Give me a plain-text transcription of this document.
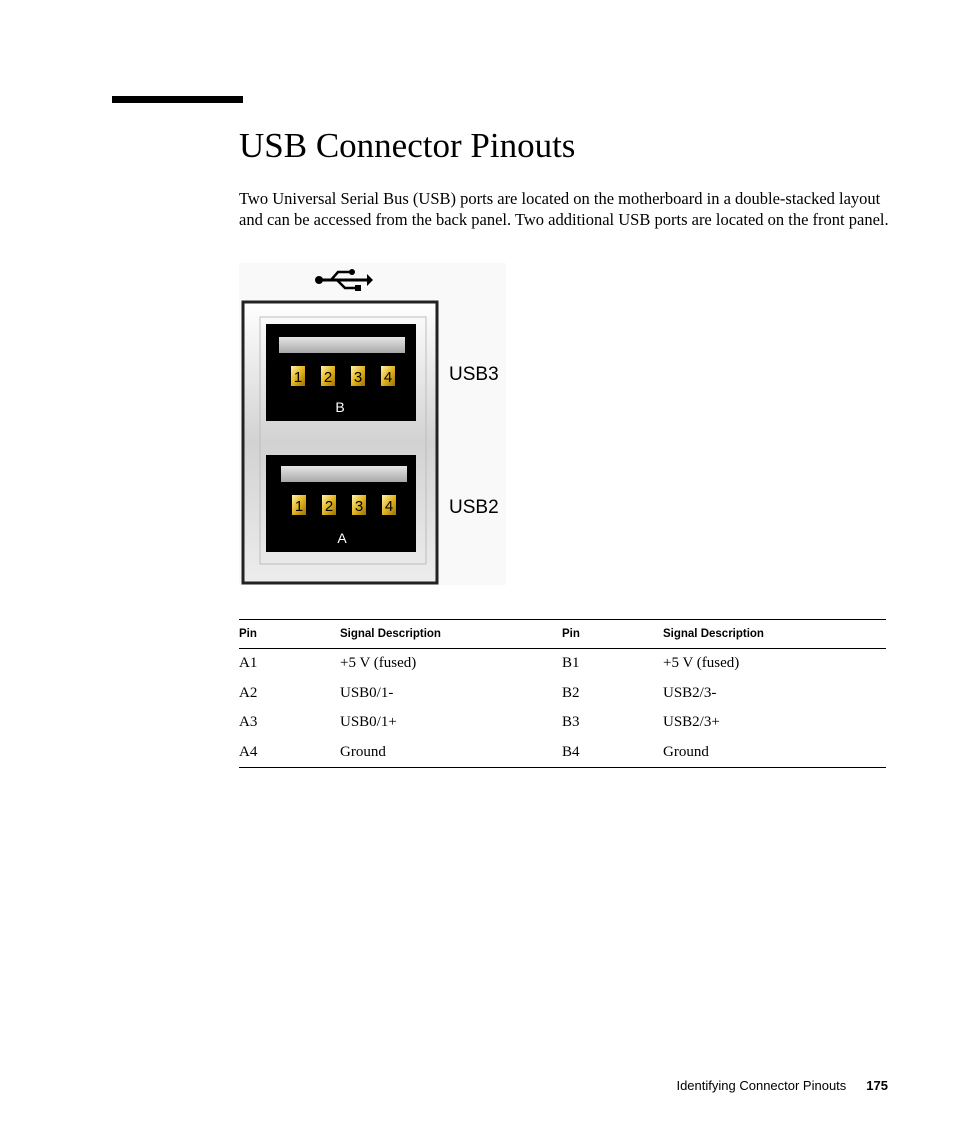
USB Connector Pinouts

Two Universal Serial Bus (USB) ports are located on the motherboard in a double-stacked layout and can be accessed from the back panel. Two additional USB ports are located on the front panel.

1 2 3 4
B
USB3
1 2 3 4
A
USB2
Pin	Signal Description	Pin	Signal Description
A1	+5 V (fused)	B1	+5 V (fused)
A2	USB0/1-	B2	USB2/3-
A3	USB0/1+	B3	USB2/3+
A4	Ground	B4	Ground
Identifying Connector Pinouts 175
